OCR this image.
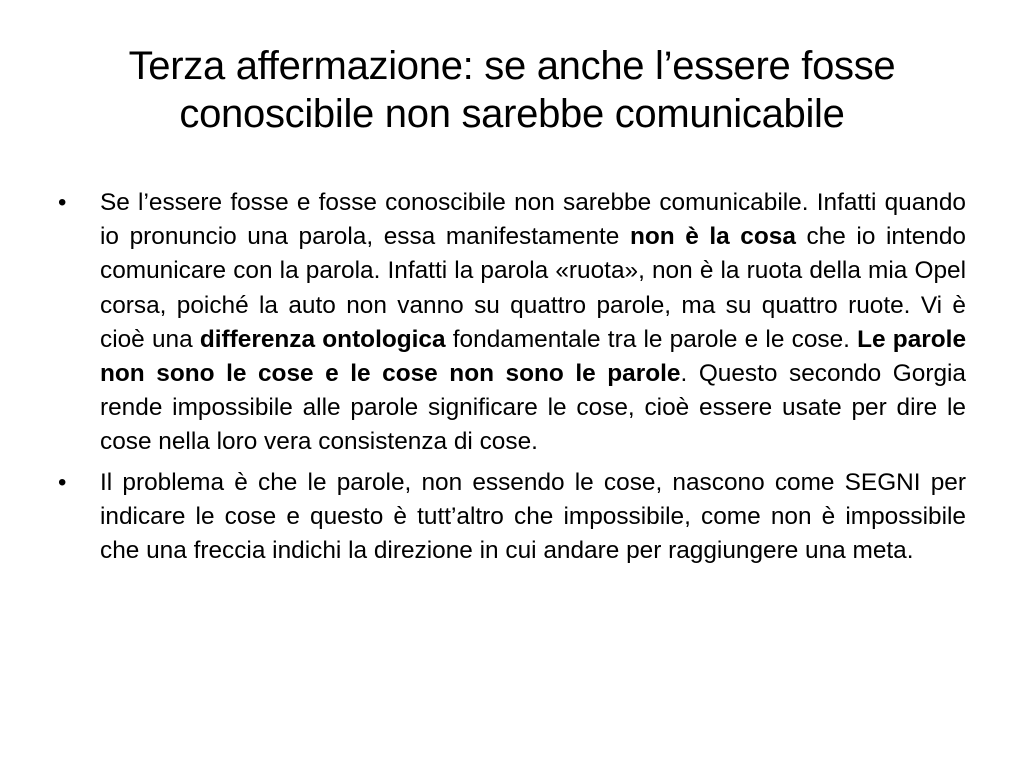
Terza affermazione: se anche l’essere fosse
conoscibile non sarebbe comunicabile
•	Se l’essere fosse e fosse conoscibile non sarebbe comunicabile. Infatti quando io pronuncio una parola, essa manifestamente non è la cosa che io intendo comunicare con la parola. Infatti la parola «ruota», non è la ruota della mia Opel corsa, poiché la auto non vanno su quattro parole, ma su quattro ruote. Vi è cioè una differenza ontologica fondamentale tra le parole e le cose. Le parole non sono le cose e le cose non sono le parole. Questo secondo Gorgia rende impossibile alle parole significare le cose, cioè essere usate per dire le cose nella loro vera consistenza di cose.
•	Il problema è che le parole, non essendo le cose, nascono come SEGNI per indicare le cose e questo è tutt’altro che impossibile, come non è impossibile che una freccia indichi la direzione in cui andare per raggiungere una meta.
